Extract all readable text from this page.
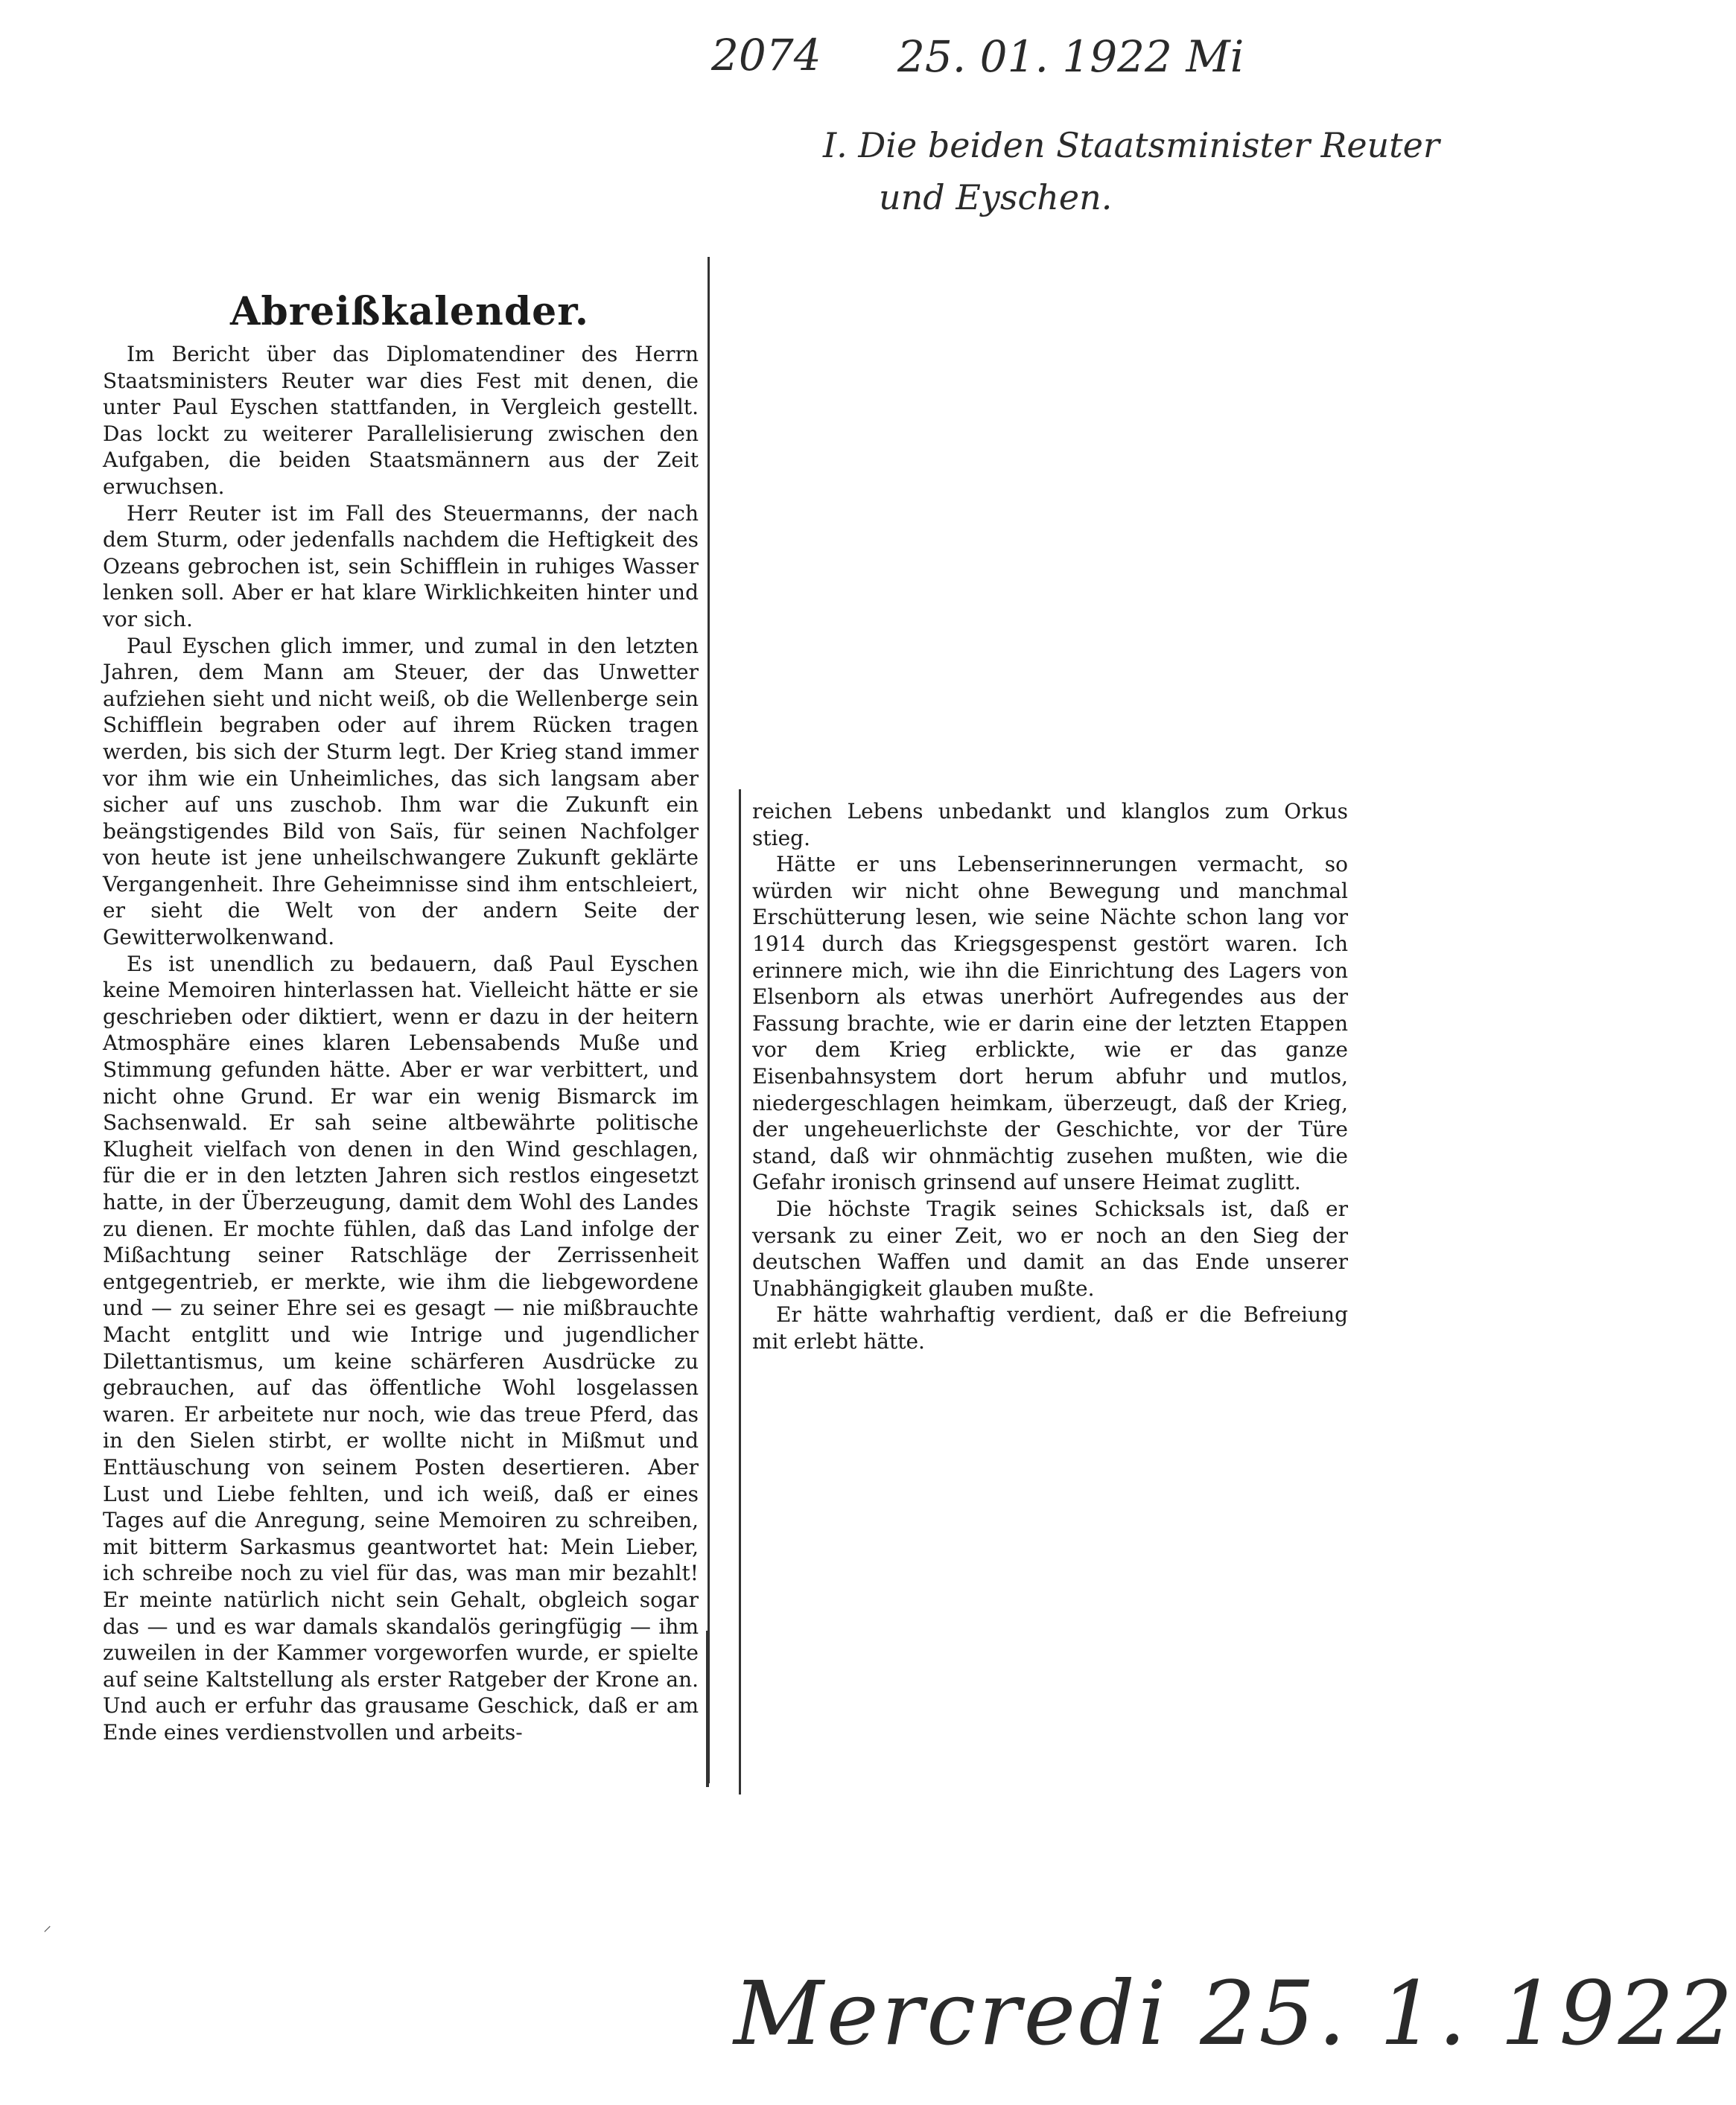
2074 25. 01. 1922 Mi
I. Die beiden Staatsminister Reuter
und Eyschen.
Abreißkalender.

Im Bericht über das Diplomatendiner des Herrn Staatsministers Reuter war dies Fest mit denen, die unter Paul Eyschen stattfanden, in Vergleich gestellt. Das lockt zu weiterer Parallelisierung zwischen den Aufgaben, die beiden Staatsmännern aus der Zeit erwuchsen.

Herr Reuter ist im Fall des Steuermanns, der nach dem Sturm, oder jedenfalls nachdem die Heftigkeit des Ozeans gebrochen ist, sein Schifflein in ruhiges Wasser lenken soll. Aber er hat klare Wirklichkeiten hinter und vor sich.

Paul Eyschen glich immer, und zumal in den letzten Jahren, dem Mann am Steuer, der das Unwetter aufziehen sieht und nicht weiß, ob die Wellenberge sein Schifflein begraben oder auf ihrem Rücken tragen werden, bis sich der Sturm legt. Der Krieg stand immer vor ihm wie ein Unheimliches, das sich langsam aber sicher auf uns zuschob. Ihm war die Zukunft ein beängstigendes Bild von Saïs, für seinen Nachfolger von heute ist jene unheilschwangere Zukunft geklärte Vergangenheit. Ihre Geheimnisse sind ihm entschleiert, er sieht die Welt von der andern Seite der Gewitterwolkenwand.

Es ist unendlich zu bedauern, daß Paul Eyschen keine Memoiren hinterlassen hat. Vielleicht hätte er sie geschrieben oder diktiert, wenn er dazu in der heitern Atmosphäre eines klaren Lebensabends Muße und Stimmung gefunden hätte. Aber er war verbittert, und nicht ohne Grund. Er war ein wenig Bismarck im Sachsenwald. Er sah seine altbewährte politische Klugheit vielfach von denen in den Wind geschlagen, für die er in den letzten Jahren sich restlos eingesetzt hatte, in der Überzeugung, damit dem Wohl des Landes zu dienen. Er mochte fühlen, daß das Land infolge der Mißachtung seiner Ratschläge der Zerrissenheit entgegentrieb, er merkte, wie ihm die liebgewordene und — zu seiner Ehre sei es gesagt — nie mißbrauchte Macht entglitt und wie Intrige und jugendlicher Dilettantismus, um keine schärferen Ausdrücke zu gebrauchen, auf das öffentliche Wohl losgelassen waren. Er arbeitete nur noch, wie das treue Pferd, das in den Sielen stirbt, er wollte nicht in Mißmut und Enttäuschung von seinem Posten desertieren. Aber Lust und Liebe fehlten, und ich weiß, daß er eines Tages auf die Anregung, seine Memoiren zu schreiben, mit bitterm Sarkasmus geantwortet hat: Mein Lieber, ich schreibe noch zu viel für das, was man mir bezahlt! Er meinte natürlich nicht sein Gehalt, obgleich sogar das — und es war damals skandalös geringfügig — ihm zuweilen in der Kammer vorgeworfen wurde, er spielte auf seine Kaltstellung als erster Ratgeber der Krone an. Und auch er erfuhr das grausame Geschick, daß er am Ende eines verdienstvollen und arbeits-

reichen Lebens unbedankt und klanglos zum Orkus stieg.

Hätte er uns Lebenserinnerungen vermacht, so würden wir nicht ohne Bewegung und manchmal Erschütterung lesen, wie seine Nächte schon lang vor 1914 durch das Kriegsgespenst gestört waren. Ich erinnere mich, wie ihn die Einrichtung des Lagers von Elsenborn als etwas unerhört Aufregendes aus der Fassung brachte, wie er darin eine der letzten Etappen vor dem Krieg erblickte, wie er das ganze Eisenbahnsystem dort herum abfuhr und mutlos, niedergeschlagen heimkam, überzeugt, daß der Krieg, der ungeheuerlichste der Geschichte, vor der Türe stand, daß wir ohnmächtig zusehen mußten, wie die Gefahr ironisch grinsend auf unsere Heimat zuglitt.

Die höchste Tragik seines Schicksals ist, daß er versank zu einer Zeit, wo er noch an den Sieg der deutschen Waffen und damit an das Ende unserer Unabhängigkeit glauben mußte.

Er hätte wahrhaftig verdient, daß er die Befreiung mit erlebt hätte.

⸝
Mercredi 25. 1. 1922
